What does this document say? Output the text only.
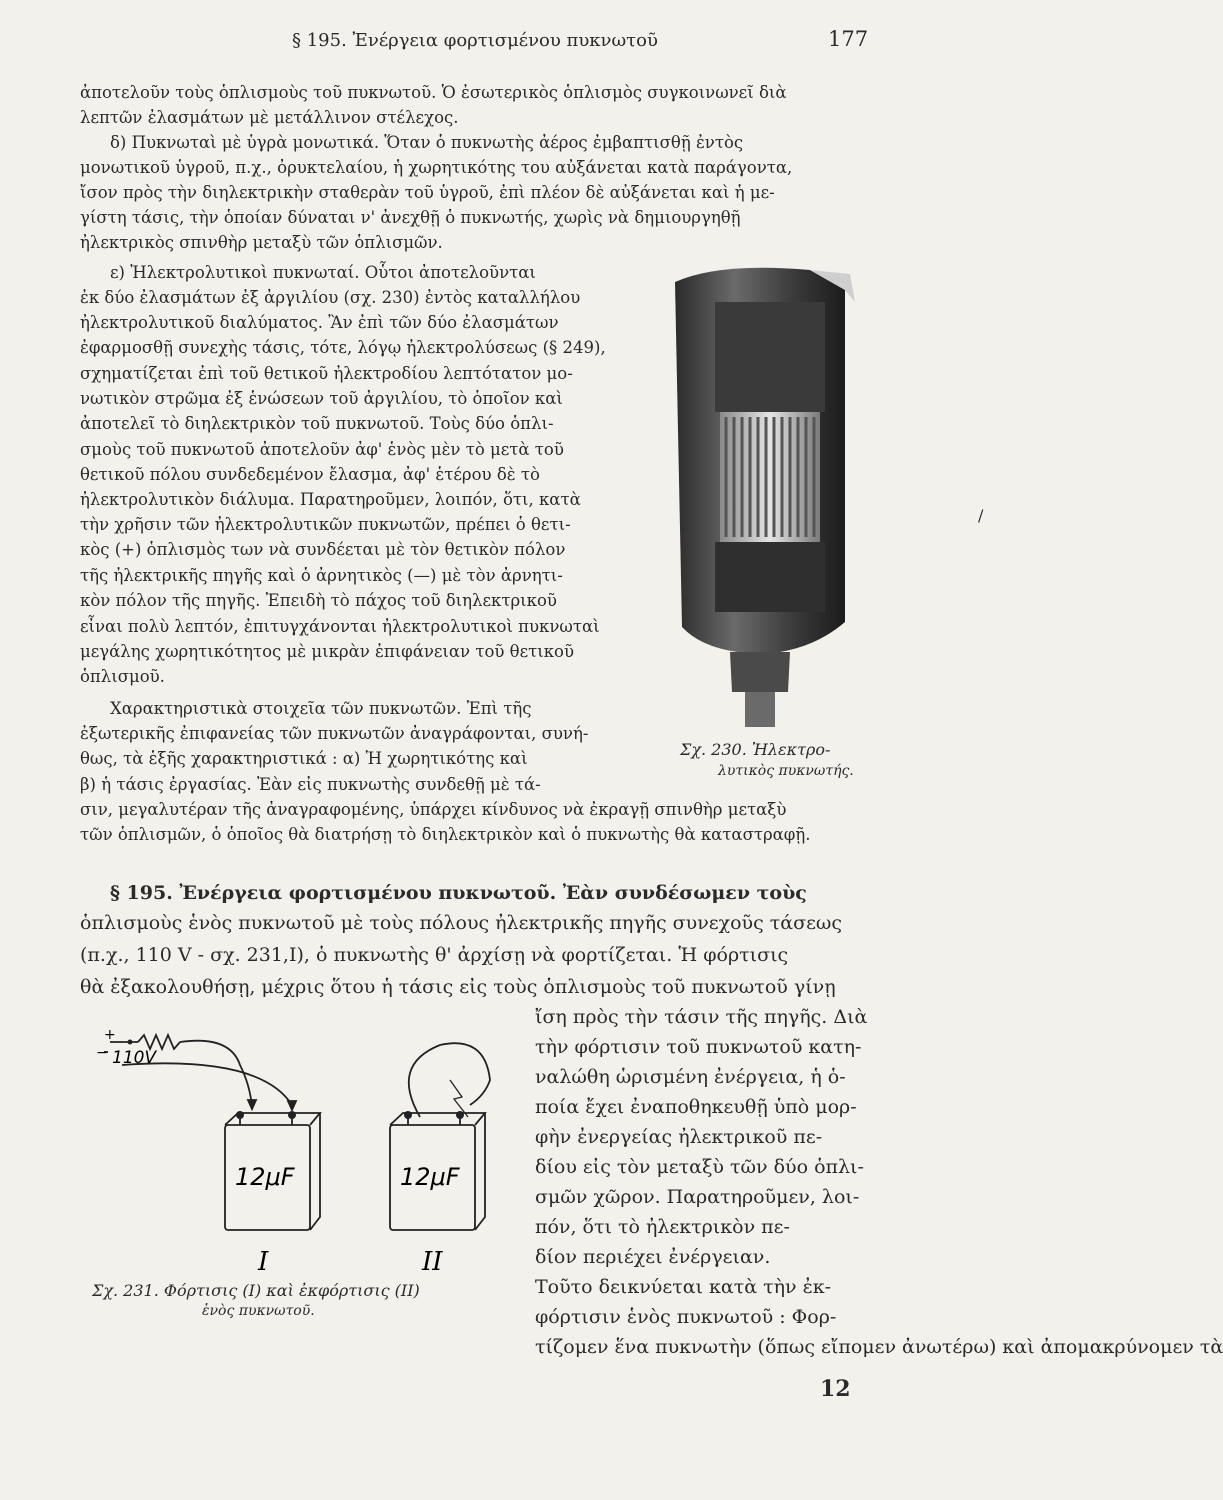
§ 195. Ἐνέργεια φορτισμένου πυκνωτοῦ	177
ἀποτελοῦν τοὺς ὁπλισμοὺς τοῦ πυκνωτοῦ. Ὁ ἐσωτερικὸς ὁπλισμὸς συγκοινωνεῖ διὰ
λεπτῶν ἐλασμάτων μὲ μετάλλινον στέλεχος.
δ) Πυκνωταὶ μὲ ὑγρὰ μονωτικά. Ὅταν ὁ πυκνωτὴς ἀέρος ἐμβαπτισθῇ ἐντὸς
μονωτικοῦ ὑγροῦ, π.χ., ὀρυκτελαίου, ἡ χωρητικότης του αὐξάνεται κατὰ παράγοντα,
ἴσον πρὸς τὴν διηλεκτρικὴν σταθερὰν τοῦ ὑγροῦ, ἐπὶ πλέον δὲ αὐξάνεται καὶ ἡ με-
γίστη τάσις, τὴν ὁποίαν δύναται ν' ἀνεχθῇ ὁ πυκνωτής, χωρὶς νὰ δημιουργηθῇ
ἠλεκτρικὸς σπινθὴρ μεταξὺ τῶν ὁπλισμῶν.
ε) Ἠλεκτρολυτικοὶ πυκνωταί. Οὗτοι ἀποτελοῦνται
ἐκ δύο ἐλασμάτων ἐξ ἀργιλίου (σχ. 230) ἐντὸς καταλλήλου
ἠλεκτρολυτικοῦ διαλύματος. Ἂν ἐπὶ τῶν δύο ἐλασμάτων
ἐφαρμοσθῇ συνεχὴς τάσις, τότε, λόγῳ ἠλεκτρολύσεως (§ 249),
σχηματίζεται ἐπὶ τοῦ θετικοῦ ἠλεκτροδίου λεπτότατον μο-
νωτικὸν στρῶμα ἐξ ἑνώσεων τοῦ ἀργιλίου, τὸ ὁποῖον καὶ
ἀποτελεῖ τὸ διηλεκτρικὸν τοῦ πυκνωτοῦ. Τοὺς δύο ὁπλι-
σμοὺς τοῦ πυκνωτοῦ ἀποτελοῦν ἀφ' ἑνὸς μὲν τὸ μετὰ τοῦ
θετικοῦ πόλου συνδεδεμένον ἔλασμα, ἀφ' ἑτέρου δὲ τὸ
ἠλεκτρολυτικὸν διάλυμα. Παρατηροῦμεν, λοιπόν, ὅτι, κατὰ
τὴν χρῆσιν τῶν ἠλεκτρολυτικῶν πυκνωτῶν, πρέπει ὁ θετι-
κὸς (+) ὁπλισμὸς των νὰ συνδέεται μὲ τὸν θετικὸν πόλον
τῆς ἠλεκτρικῆς πηγῆς καὶ ὁ ἀρνητικὸς (—) μὲ τὸν ἀρνητι-
κὸν πόλον τῆς πηγῆς. Ἐπειδὴ τὸ πάχος τοῦ διηλεκτρικοῦ
εἶναι πολὺ λεπτόν, ἐπιτυγχάνονται ἠλεκτρολυτικοὶ πυκνωταὶ
μεγάλης χωρητικότητος μὲ μικρὰν ἐπιφάνειαν τοῦ θετικοῦ
ὁπλισμοῦ.
Χαρακτηριστικὰ στοιχεῖα τῶν πυκνωτῶν. Ἐπὶ τῆς
ἐξωτερικῆς ἐπιφανείας τῶν πυκνωτῶν ἀναγράφονται, συνή-
θως, τὰ ἑξῆς χαρακτηριστικά : α) Ἡ χωρητικότης καὶ
β) ἡ τάσις ἐργασίας. Ἐὰν εἰς πυκνωτὴς συνδεθῇ μὲ τά-
σιν, μεγαλυτέραν τῆς ἀναγραφομένης, ὑπάρχει κίνδυνος νὰ ἐκραγῇ σπινθὴρ μεταξὺ
τῶν ὁπλισμῶν, ὁ ὁποῖος θὰ διατρήσῃ τὸ διηλεκτρικὸν καὶ ὁ πυκνωτὴς θὰ καταστραφῇ.
§ 195. Ἐνέργεια φορτισμένου πυκνωτοῦ. Ἐὰν συνδέσωμεν τοὺς
ὁπλισμοὺς ἑνὸς πυκνωτοῦ μὲ τοὺς πόλους ἠλεκτρικῆς πηγῆς συνεχοῦς τάσεως
(π.χ., 110 V - σχ. 231,I), ὁ πυκνωτὴς θ' ἀρχίσῃ νὰ φορτίζεται. Ἡ φόρτισις
θὰ ἐξακολουθήσῃ, μέχρις ὅτου ἡ τάσις εἰς τοὺς ὁπλισμοὺς τοῦ πυκνωτοῦ γίνῃ
ἴση πρὸς τὴν τάσιν τῆς πηγῆς. Διὰ
τὴν φόρτισιν τοῦ πυκνωτοῦ κατη-
ναλώθη ὡρισμένη ἐνέργεια, ἡ ὁ-
ποία ἔχει ἐναποθηκευθῇ ὑπὸ μορ-
φὴν ἐνεργείας ἠλεκτρικοῦ πε-
δίου εἰς τὸν μεταξὺ τῶν δύο ὁπλι-
σμῶν χῶρον. Παρατηροῦμεν, λοι-
πόν, ὅτι τὸ ἠλεκτρικὸν πε-
δίον περιέχει ἐνέργειαν.
Τοῦτο δεικνύεται κατὰ τὴν ἐκ-
φόρτισιν ἑνὸς πυκνωτοῦ : Φορ-
τίζομεν ἕνα πυκνωτὴν (ὅπως εἴπομεν ἀνωτέρω) καὶ ἀπομακρύνομεν τὰ
Σχ. 230. Ἠλεκτρο-
λυτικὸς πυκνωτής.
+
− 110V
12μF	12μF
I	II
Σχ. 231. Φόρτισις (I) καὶ ἐκφόρτισις (II)
ἑνὸς πυκνωτοῦ.
12
/
